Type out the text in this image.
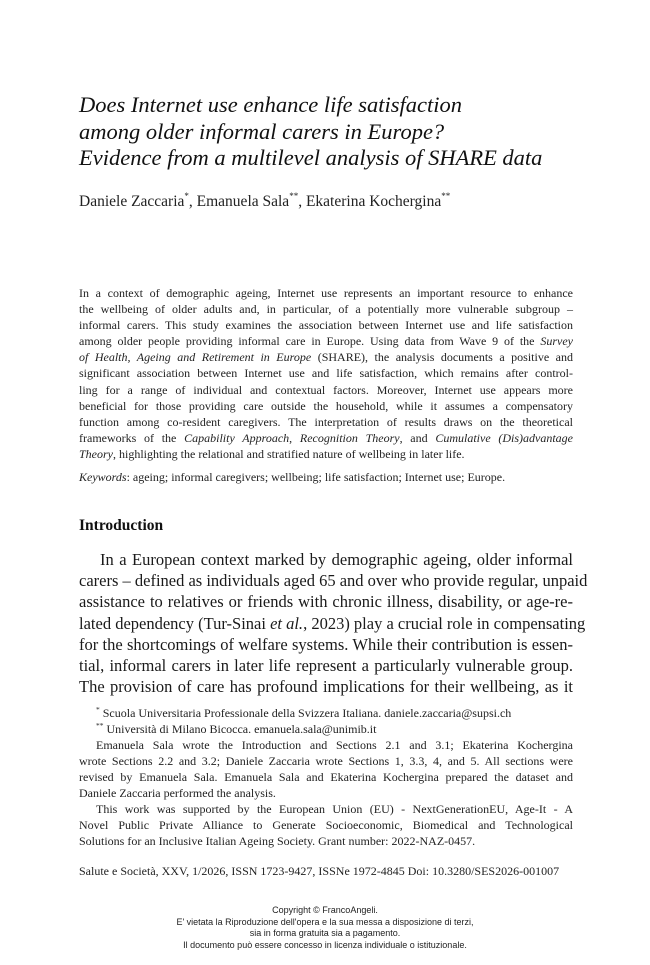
Does Internet use enhance life satisfaction
among older informal carers in Europe?
Evidence from a multilevel analysis of SHARE data
Daniele Zaccaria*, Emanuela Sala**, Ekaterina Kochergina**
In a context of demographic ageing, Internet use represents an important resource to enhance
the wellbeing of older adults and, in particular, of a potentially more vulnerable subgroup –
informal carers. This study examines the association between Internet use and life satisfaction
among older people providing informal care in Europe. Using data from Wave 9 of the Survey
of Health, Ageing and Retirement in Europe (SHARE), the analysis documents a positive and
significant association between Internet use and life satisfaction, which remains after control-
ling for a range of individual and contextual factors. Moreover, Internet use appears more
beneficial for those providing care outside the household, while it assumes a compensatory
function among co-resident caregivers. The interpretation of results draws on the theoretical
frameworks of the Capability Approach, Recognition Theory, and Cumulative (Dis)advantage
Theory, highlighting the relational and stratified nature of wellbeing in later life.
Keywords: ageing; informal caregivers; wellbeing; life satisfaction; Internet use; Europe.
Introduction
In a European context marked by demographic ageing, older informal
carers – defined as individuals aged 65 and over who provide regular, unpaid
assistance to relatives or friends with chronic illness, disability, or age-re-
lated dependency (Tur-Sinai et al., 2023) play a crucial role in compensating
for the shortcomings of welfare systems. While their contribution is essen-
tial, informal carers in later life represent a particularly vulnerable group.
The provision of care has profound implications for their wellbeing, as it
* Scuola Universitaria Professionale della Svizzera Italiana. daniele.zaccaria@supsi.ch
** Università di Milano Bicocca. emanuela.sala@unimib.it
Emanuela Sala wrote the Introduction and Sections 2.1 and 3.1; Ekaterina Kochergina
wrote Sections 2.2 and 3.2; Daniele Zaccaria wrote Sections 1, 3.3, 4, and 5. All sections were
revised by Emanuela Sala. Emanuela Sala and Ekaterina Kochergina prepared the dataset and
Daniele Zaccaria performed the analysis.
This work was supported by the European Union (EU) - NextGenerationEU, Age-It - A
Novel Public Private Alliance to Generate Socioeconomic, Biomedical and Technological
Solutions for an Inclusive Italian Ageing Society. Grant number: 2022-NAZ-0457.
Salute e Società, XXV, 1/2026, ISSN 1723-9427, ISSNe 1972-4845 Doi: 10.3280/SES2026-001007
Copyright © FrancoAngeli.
E' vietata la Riproduzione dell'opera e la sua messa a disposizione di terzi,
sia in forma gratuita sia a pagamento.
Il documento può essere concesso in licenza individuale o istituzionale.
